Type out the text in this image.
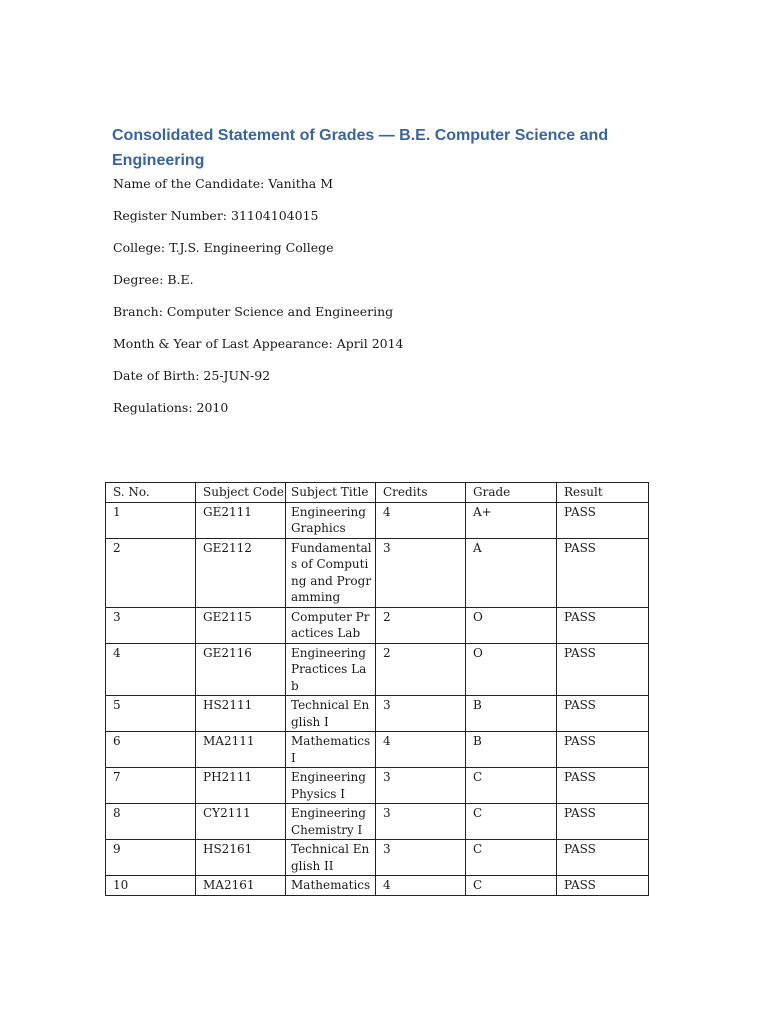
Consolidated Statement of Grades — B.E. Computer Science and Engineering
Name of the Candidate: Vanitha M
Register Number: 31104104015
College: T.J.S. Engineering College
Degree: B.E.
Branch: Computer Science and Engineering
Month & Year of Last Appearance: April 2014
Date of Birth: 25-JUN-92
Regulations: 2010
S. No.	Subject Code	Subject Title	Credits	Grade	Result
1	GE2111	Engineering Graphics	4	A+	PASS
2	GE2112	Fundamentals of Computing and Programming	3	A	PASS
3	GE2115	Computer Practices Lab	2	O	PASS
4	GE2116	Engineering Practices Lab	2	O	PASS
5	HS2111	Technical English I	3	B	PASS
6	MA2111	Mathematics I	4	B	PASS
7	PH2111	Engineering Physics I	3	C	PASS
8	CY2111	Engineering Chemistry I	3	C	PASS
9	HS2161	Technical English II	3	C	PASS
10	MA2161	Mathematics	4	C	PASS
